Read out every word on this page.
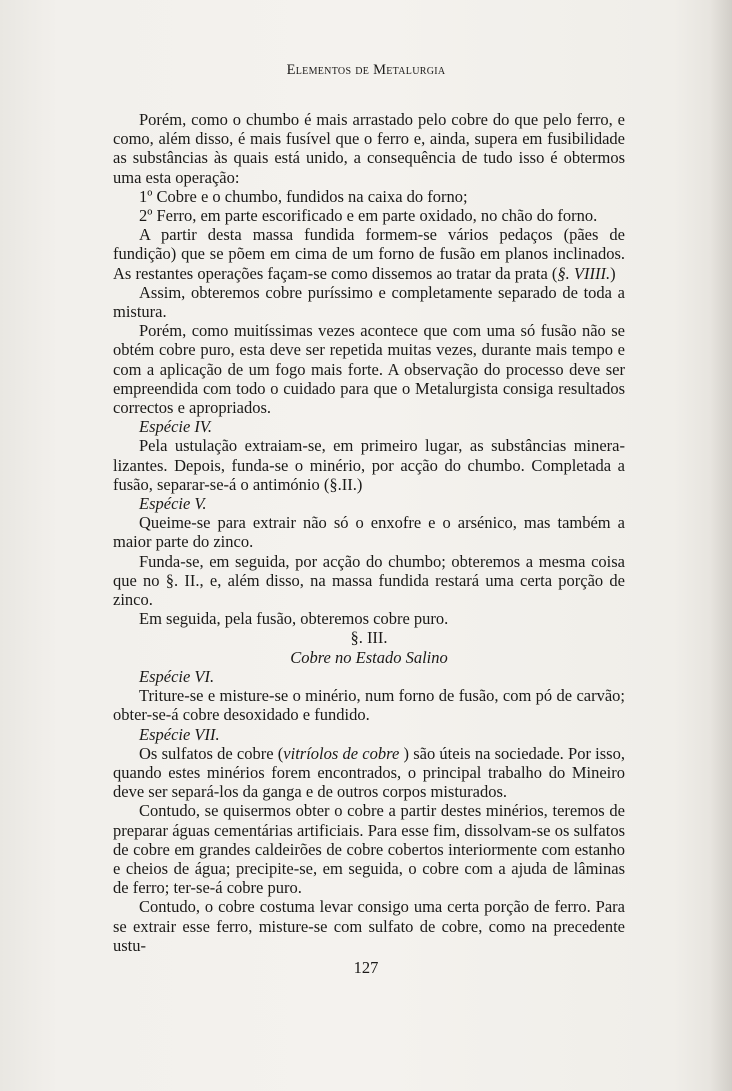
Elementos de Metalurgia

Porém, como o chumbo é mais arrastado pelo cobre do que pelo ferro, e como, além disso, é mais fusível que o ferro e, ainda, supera em fusibilidade as substâncias às quais está unido, a consequência de tudo isso é obtermos uma esta operação:

1º Cobre e o chumbo, fundidos na caixa do forno;

2º Ferro, em parte escorificado e em parte oxidado, no chão do forno.

A partir desta massa fundida formem-se vários pedaços (pães de fundição) que se põem em cima de um forno de fusão em planos inclinados. As restantes operações façam-se como dissemos ao tratar da prata (§. VIIII.)

Assim, obteremos cobre puríssimo e completamente separado de toda a mistura.

Porém, como muitíssimas vezes acontece que com uma só fusão não se obtém cobre puro, esta deve ser repetida muitas vezes, durante mais tempo e com a aplicação de um fogo mais forte. A observação do processo deve ser empreendida com todo o cuidado para que o Metalurgista consiga resultados correctos e apropriados.

Espécie IV.

Pela ustulação extraiam-se, em primeiro lugar, as substâncias minera-lizantes. Depois, funda-se o minério, por acção do chumbo. Completada a fusão, separar-se-á o antimónio (§.II.)

Espécie V.

Queime-se para extrair não só o enxofre e o arsénico, mas também a maior parte do zinco.

Funda-se, em seguida, por acção do chumbo; obteremos a mesma coisa que no §. II., e, além disso, na massa fundida restará uma certa porção de zinco.

Em seguida, pela fusão, obteremos cobre puro.

§. III.

Cobre no Estado Salino

Espécie VI.

Triture-se e misture-se o minério, num forno de fusão, com pó de carvão; obter-se-á cobre desoxidado e fundido.

Espécie VII.

Os sulfatos de cobre (vitríolos de cobre ) são úteis na sociedade. Por isso, quando estes minérios forem encontrados, o principal trabalho do Mineiro deve ser separá-los da ganga e de outros corpos misturados.

Contudo, se quisermos obter o cobre a partir destes minérios, teremos de preparar águas cementárias artificiais. Para esse fim, dissolvam-se os sulfatos de cobre em grandes caldeirões de cobre cobertos interiormente com estanho e cheios de água; precipite-se, em seguida, o cobre com a ajuda de lâminas de ferro; ter-se-á cobre puro.

Contudo, o cobre costuma levar consigo uma certa porção de ferro. Para se extrair esse ferro, misture-se com sulfato de cobre, como na precedente ustu-

127
